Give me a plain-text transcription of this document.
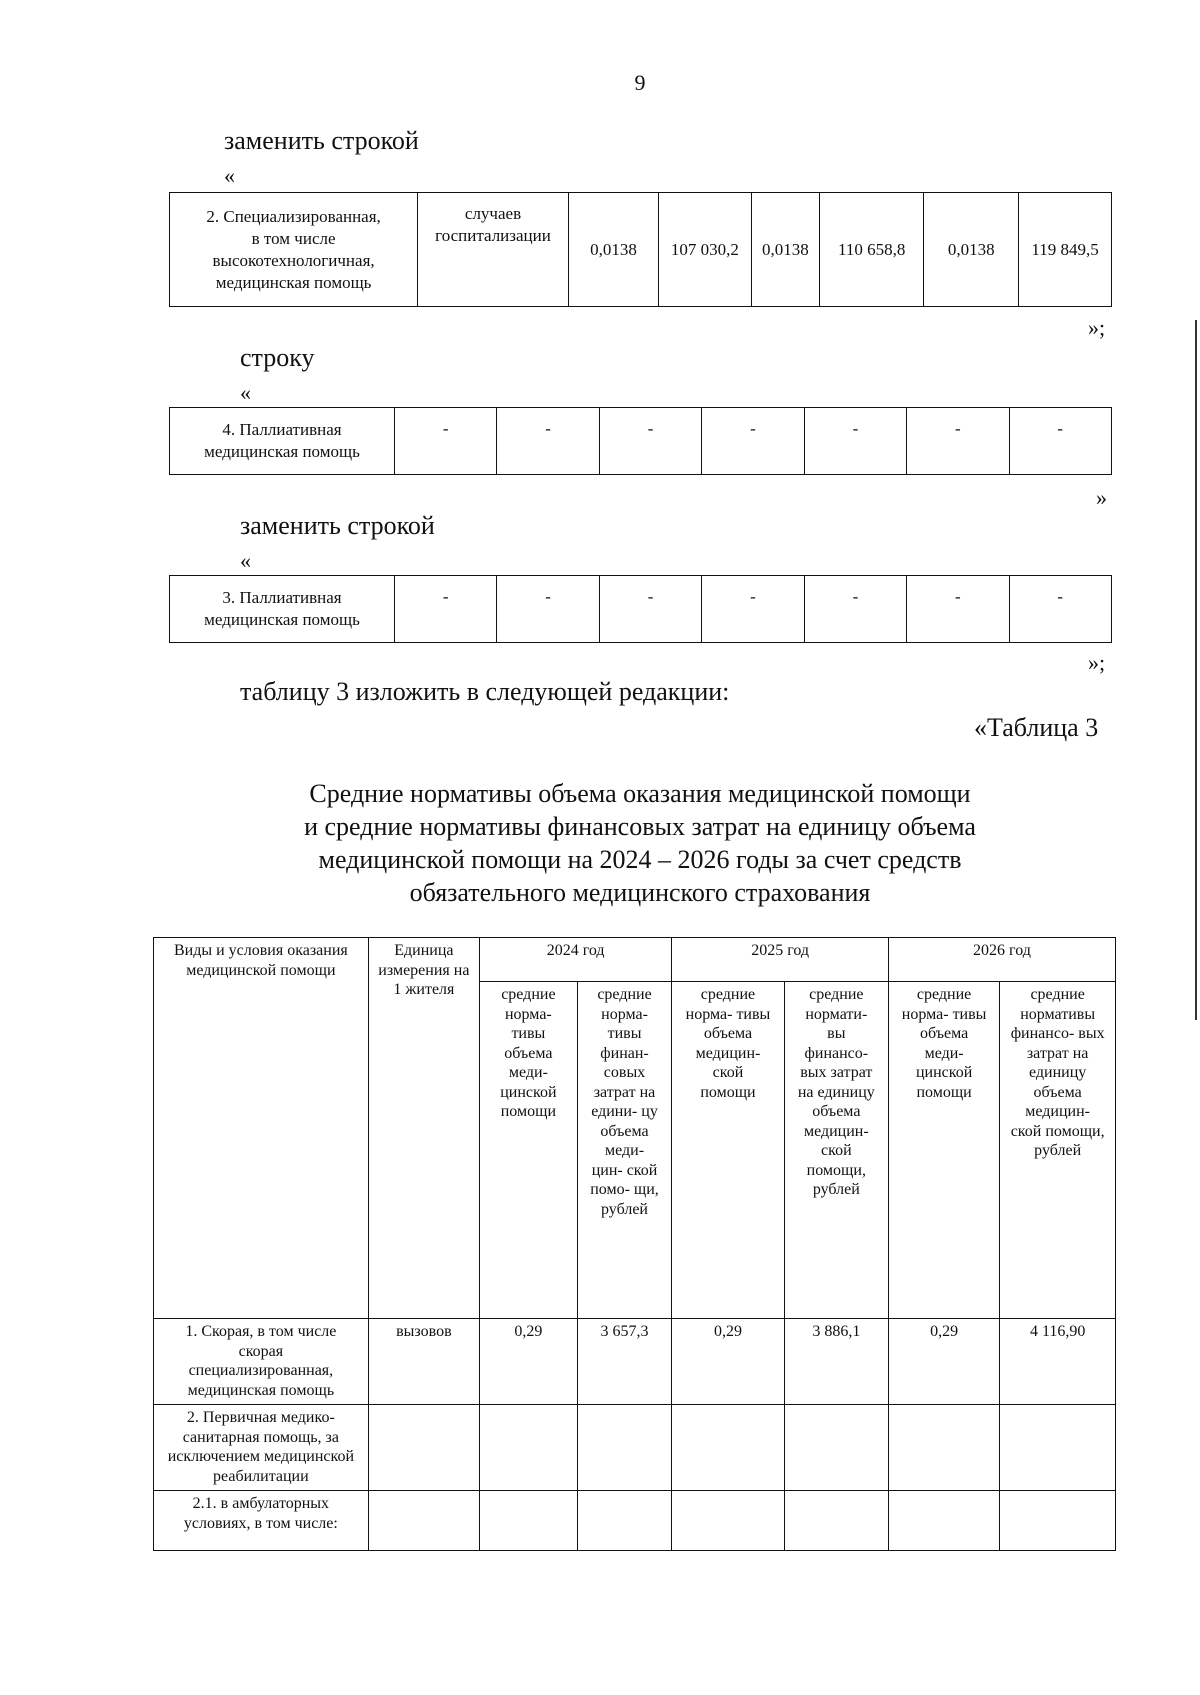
9
заменить строкой
«
2. Специализированная,
в том числе
высокотехнологичная,
медицинская помощь	случаев
госпитализации	0,0138	107 030,2	0,0138	110 658,8	0,0138	119 849,5
»;
строку
«
4. Паллиативная
медицинская помощь	-	-	-	-	-	-	-
»
заменить строкой
«
3. Паллиативная
медицинская помощь	-	-	-	-	-	-	-
»;
таблицу 3 изложить в следующей редакции:
«Таблица 3
Средние нормативы объема оказания медицинской помощи
и средние нормативы финансовых затрат на единицу объема
медицинской помощи на 2024 – 2026 годы за счет средств
обязательного медицинского страхования
Виды и условия оказания медицинской помощи	Единица измерения на 1 жителя	2024 год		2025 год		2026 год	
		средние норма- тивы объема меди- цинской помощи	средние норма- тивы финан- совых затрат на едини- цу объема меди- цин- ской помо- щи, рублей	средние норма- тивы объема медицин- ской помощи	средние нормати- вы финансо- вых затрат на единицу объема медицин- ской помощи, рублей	средние норма- тивы объема меди- цинской помощи	средние нормативы финансо- вых затрат на единицу объема медицин- ской помощи, рублей
1. Скорая, в том числе скорая специализированная, медицинская помощь	вызовов	0,29	3 657,3	0,29	3 886,1	0,29	4 116,90
2. Первичная медико-санитарная помощь, за исключением медицинской реабилитации							
2.1. в амбулаторных условиях, в том числе:							
